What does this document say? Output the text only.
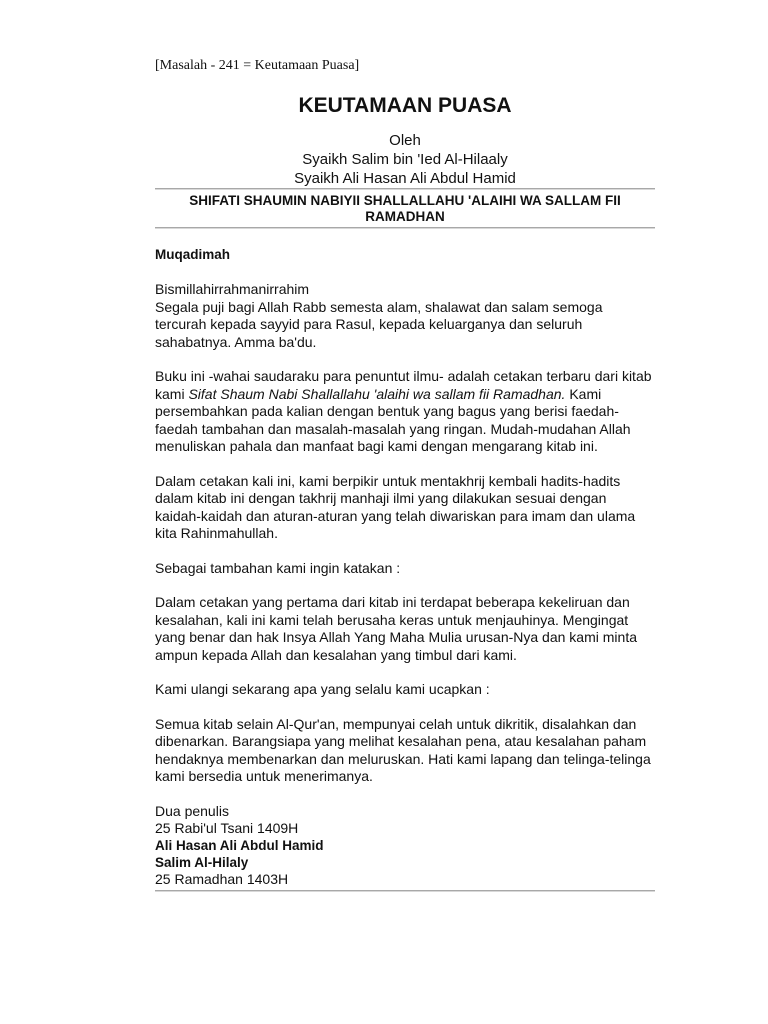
[Masalah - 241 = Keutamaan Puasa]

KEUTAMAAN PUASA
Oleh
Syaikh Salim bin 'Ied Al-Hilaaly
Syaikh Ali Hasan Ali Abdul Hamid

SHIFATI SHAUMIN NABIYII SHALLALLAHU 'ALAIHI WA SALLAM FII RAMADHAN

Muqadimah

Bismillahirrahmanirrahim
Segala puji bagi Allah Rabb semesta alam, shalawat dan salam semoga tercurah kepada sayyid para Rasul, kepada keluarganya dan seluruh sahabatnya. Amma ba'du.

Buku ini -wahai saudaraku para penuntut ilmu- adalah cetakan terbaru dari kitab kami Sifat Shaum Nabi Shallallahu 'alaihi wa sallam fii Ramadhan. Kami persembahkan pada kalian dengan bentuk yang bagus yang berisi faedah-faedah tambahan dan masalah-masalah yang ringan. Mudah-mudahan Allah menuliskan pahala dan manfaat bagi kami dengan mengarang kitab ini.

Dalam cetakan kali ini, kami berpikir untuk mentakhrij kembali hadits-hadits dalam kitab ini dengan takhrij manhaji ilmi yang dilakukan sesuai dengan kaidah-kaidah dan aturan-aturan yang telah diwariskan para imam dan ulama kita Rahinmahullah.

Sebagai tambahan kami ingin katakan :

Dalam cetakan yang pertama dari kitab ini terdapat beberapa kekeliruan dan kesalahan, kali ini kami telah berusaha keras untuk menjauhinya. Mengingat yang benar dan hak Insya Allah Yang Maha Mulia urusan-Nya dan kami minta ampun kepada Allah dan kesalahan yang timbul dari kami.

Kami ulangi sekarang apa yang selalu kami ucapkan :

Semua kitab selain Al-Qur'an, mempunyai celah untuk dikritik, disalahkan dan dibenarkan. Barangsiapa yang melihat kesalahan pena, atau kesalahan paham hendaknya membenarkan dan meluruskan. Hati kami lapang dan telinga-telinga kami bersedia untuk menerimanya.

Dua penulis
25 Rabi'ul Tsani 1409H
Ali Hasan Ali Abdul Hamid
Salim Al-Hilaly
25 Ramadhan 1403H
